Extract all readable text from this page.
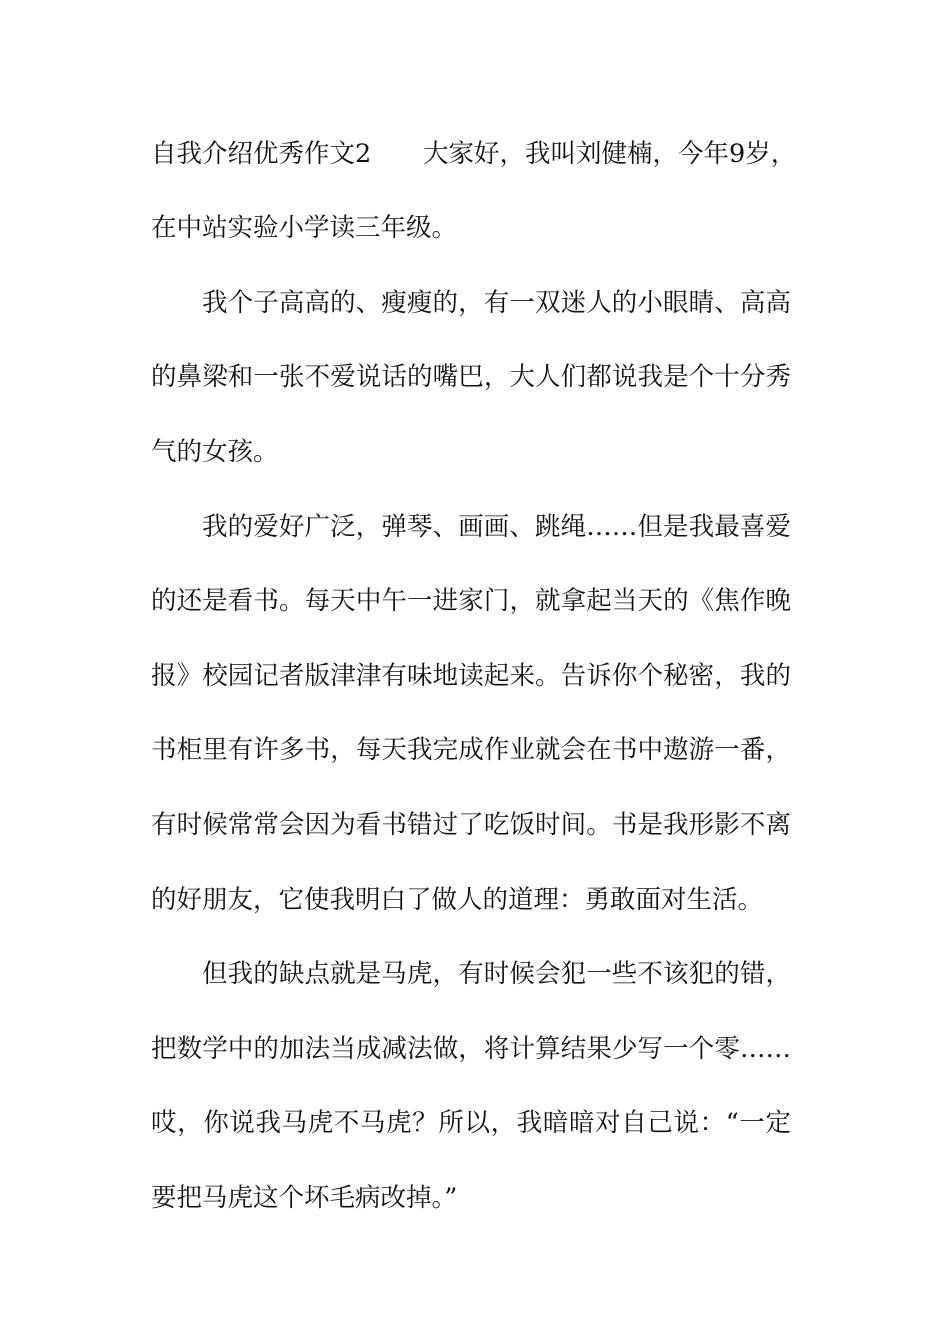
自我介绍优秀作文2 大家好，我叫刘健楠，今年9岁，
在中站实验小学读三年级。
我个子高高的、瘦瘦的，有一双迷人的小眼睛、高高
的鼻梁和一张不爱说话的嘴巴，大人们都说我是个十分秀
气的女孩。
我的爱好广泛，弹琴、画画、跳绳……但是我最喜爱
的还是看书。每天中午一进家门，就拿起当天的《焦作晚
报》校园记者版津津有味地读起来。告诉你个秘密，我的
书柜里有许多书，每天我完成作业就会在书中遨游一番，
有时候常常会因为看书错过了吃饭时间。书是我形影不离
的好朋友，它使我明白了做人的道理：勇敢面对生活。
但我的缺点就是马虎，有时候会犯一些不该犯的错，
把数学中的加法当成减法做，将计算结果少写一个零……
哎，你说我马虎不马虎？所以，我暗暗对自己说：“一定
要把马虎这个坏毛病改掉。”
